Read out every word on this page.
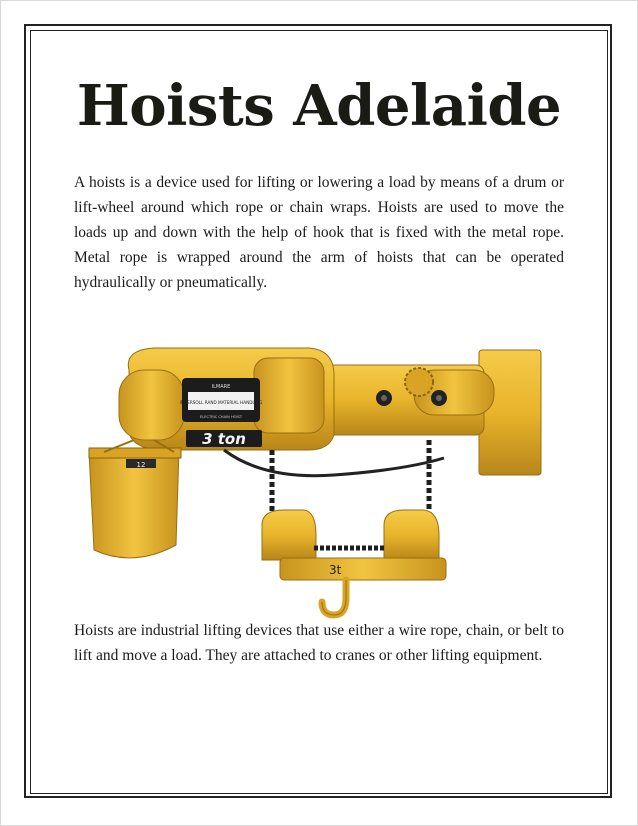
Hoists Adelaide

A hoists is a device used for lifting or lowering a load by means of a drum or lift-wheel around which rope or chain wraps. Hoists are used to move the loads up and down with the help of hook that is fixed with the metal rope. Metal rope is wrapped around the arm of hoists that can be operated hydraulically or pneumatically.

ILMARE
INGERSOLL RAND MATERIAL HANDLING
ELECTRIC CHAIN HOIST
3 ton
12
3t

Hoists are industrial lifting devices that use either a wire rope, chain, or belt to lift and move a load. They are attached to cranes or other lifting equipment.
